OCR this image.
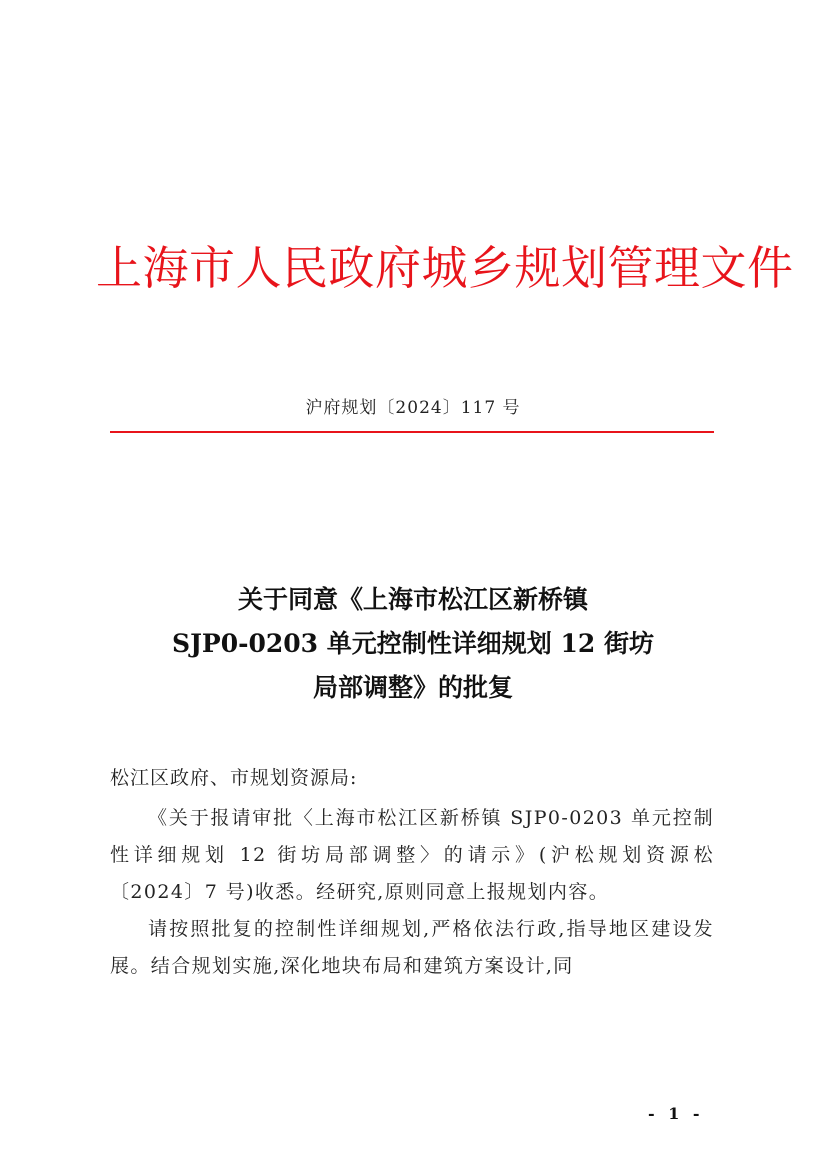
上海市人民政府城乡规划管理文件
沪府规划〔2024〕117 号
关于同意《上海市松江区新桥镇
SJP0-0203 单元控制性详细规划 12 街坊
局部调整》的批复
松江区政府、市规划资源局:

《关于报请审批〈上海市松江区新桥镇 SJP0-0203 单元控制性详细规划 12 街坊局部调整〉的请示》(沪松规划资源松〔2024〕7 号)收悉。经研究,原则同意上报规划内容。

请按照批复的控制性详细规划,严格依法行政,指导地区建设发展。结合规划实施,深化地块布局和建筑方案设计,同

- 1 -
